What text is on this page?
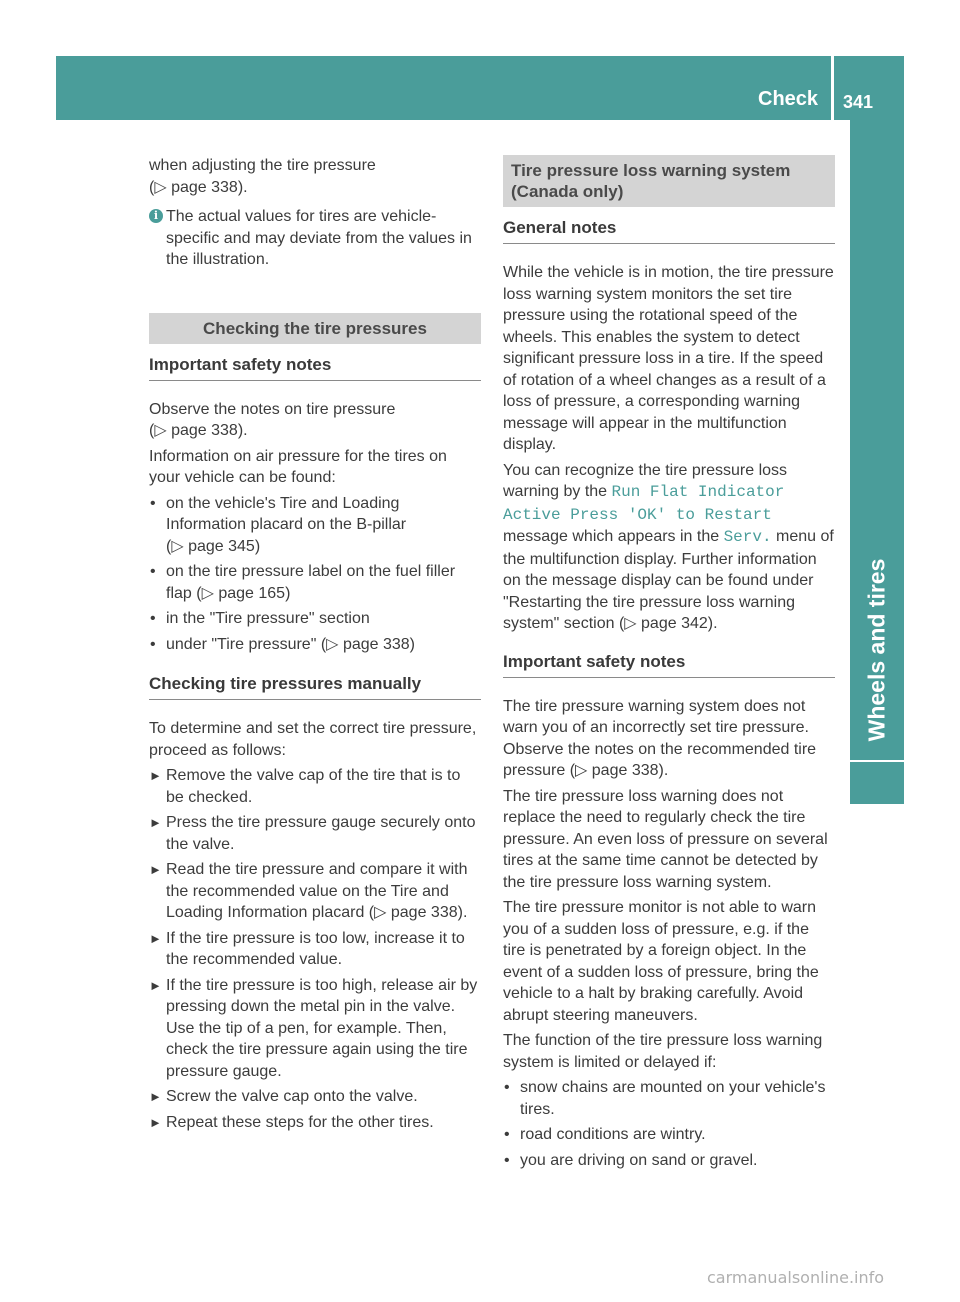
Check 341
Wheels and tires

when adjusting the tire pressure
(▷ page 338).

i The actual values for tires are vehicle-specific and may deviate from the values in the illustration.

Checking the tire pressures
Important safety notes

Observe the notes on tire pressure
(▷ page 338).

Information on air pressure for the tires on your vehicle can be found:

• on the vehicle's Tire and Loading Information placard on the B-pillar
(▷ page 345)
• on the tire pressure label on the fuel filler flap (▷ page 165)
• in the "Tire pressure" section
• under "Tire pressure" (▷ page 338)
Checking tire pressures manually

To determine and set the correct tire pressure, proceed as follows:

► Remove the valve cap of the tire that is to be checked.
► Press the tire pressure gauge securely onto the valve.
► Read the tire pressure and compare it with the recommended value on the Tire and Loading Information placard (▷ page 338).
► If the tire pressure is too low, increase it to the recommended value.
► If the tire pressure is too high, release air by pressing down the metal pin in the valve. Use the tip of a pen, for example. Then, check the tire pressure again using the tire pressure gauge.
► Screw the valve cap onto the valve.
► Repeat these steps for the other tires.
Tire pressure loss warning system (Canada only)
General notes

While the vehicle is in motion, the tire pressure loss warning system monitors the set tire pressure using the rotational speed of the wheels. This enables the system to detect significant pressure loss in a tire. If the speed of rotation of a wheel changes as a result of a loss of pressure, a corresponding warning message will appear in the multifunction display.

You can recognize the tire pressure loss warning by the Run Flat Indicator Active Press 'OK' to Restart message which appears in the Serv. menu of the multifunction display. Further information on the message display can be found under "Restarting the tire pressure loss warning system" section (▷ page 342).

Important safety notes

The tire pressure warning system does not warn you of an incorrectly set tire pressure. Observe the notes on the recommended tire pressure (▷ page 338).

The tire pressure loss warning does not replace the need to regularly check the tire pressure. An even loss of pressure on several tires at the same time cannot be detected by the tire pressure loss warning system.

The tire pressure monitor is not able to warn you of a sudden loss of pressure, e.g. if the tire is penetrated by a foreign object. In the event of a sudden loss of pressure, bring the vehicle to a halt by braking carefully. Avoid abrupt steering maneuvers.

The function of the tire pressure loss warning system is limited or delayed if:

• snow chains are mounted on your vehicle's tires.
• road conditions are wintry.
• you are driving on sand or gravel.
carmanualsonline.info
